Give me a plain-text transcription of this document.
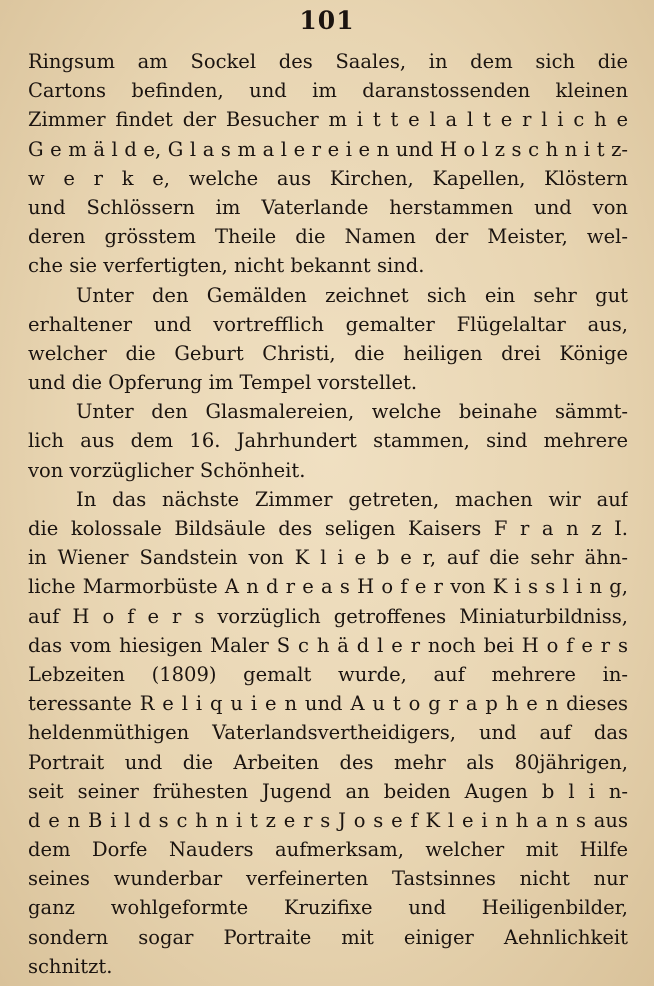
101
Ringsum am Sockel des Saales, in dem sich die
Cartons befinden, und im daranstossenden kleinen
Zimmer findet der Besucher m i t t e l a l t e r l i c h e
G e m ä l d e, G l a s m a l e r e i e n und H o l z s c h n i t z-
w e r k e, welche aus Kirchen, Kapellen, Klöstern
und Schlössern im Vaterlande herstammen und von
deren grösstem Theile die Namen der Meister, wel-
che sie verfertigten, nicht bekannt sind.
Unter den Gemälden zeichnet sich ein sehr gut
erhaltener und vortrefflich gemalter Flügelaltar aus,
welcher die Geburt Christi, die heiligen drei Könige
und die Opferung im Tempel vorstellet.
Unter den Glasmalereien, welche beinahe sämmt-
lich aus dem 16. Jahrhundert stammen, sind mehrere
von vorzüglicher Schönheit.
In das nächste Zimmer getreten, machen wir auf
die kolossale Bildsäule des seligen Kaisers F r a n z I.
in Wiener Sandstein von K l i e b e r, auf die sehr ähn-
liche Marmorbüste A n d r e a s H o f e r von K i s s l i n g,
auf H o f e r s vorzüglich getroffenes Miniaturbildniss,
das vom hiesigen Maler S c h ä d l e r noch bei H o f e r s
Lebzeiten (1809) gemalt wurde, auf mehrere in-
teressante R e l i q u i e n und A u t o g r a p h e n dieses
heldenmüthigen Vaterlandsvertheidigers, und auf das
Portrait und die Arbeiten des mehr als 80jährigen,
seit seiner frühesten Jugend an beiden Augen b l i n-
d e n B i l d s c h n i t z e r s J o s e f K l e i n h a n s aus
dem Dorfe Nauders aufmerksam, welcher mit Hilfe
seines wunderbar verfeinerten Tastsinnes nicht nur
ganz wohlgeformte Kruzifixe und Heiligenbilder,
sondern sogar Portraite mit einiger Aehnlichkeit
schnitzt.
